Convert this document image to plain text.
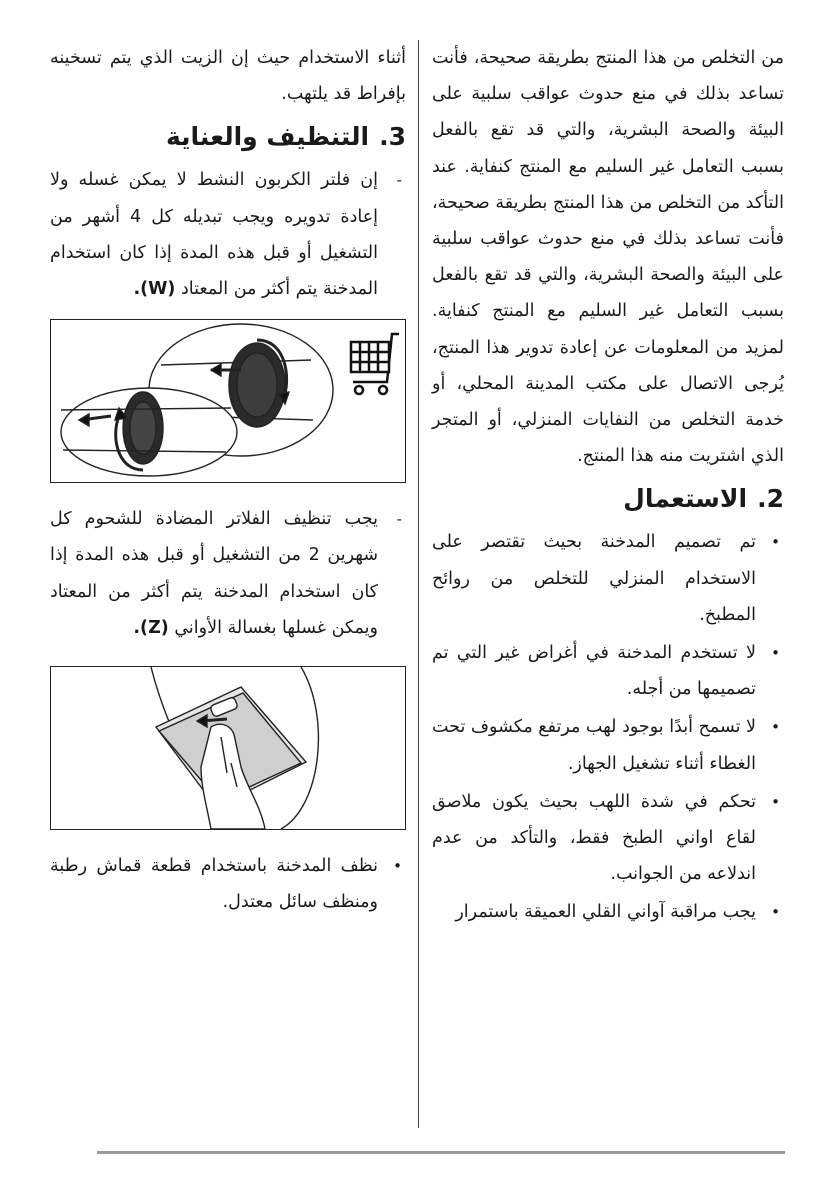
من التخلص من هذا المنتج بطريقة صحيحة، فأنت تساعد بذلك في منع حدوث عواقب سلبية على البيئة والصحة البشرية، والتي قد تقع بالفعل بسبب التعامل غير السليم مع المنتج كنفاية. عند التأكد من التخلص من هذا المنتج بطريقة صحيحة، فأنت تساعد بذلك في منع حدوث عواقب سلبية على البيئة والصحة البشرية، والتي قد تقع بالفعل بسبب التعامل غير السليم مع المنتج كنفاية. لمزيد من المعلومات عن إعادة تدوير هذا المنتج، يُرجى الاتصال على مكتب المدينة المحلي، أو خدمة التخلص من النفايات المنزلي، أو المتجر الذي اشتريت منه هذا المنتج.

2.الاستعمال
•
تم تصميم المدخنة بحيث تقتصر على الاستخدام المنزلي للتخلص من روائح المطبخ.
•
لا تستخدم المدخنة في أغراض غير التي تم تصميمها من أجله.
•
لا تسمح أبدًا بوجود لهب مرتفع مكشوف تحت الغطاء أثناء تشغيل الجهاز.
•
تحكم في شدة اللهب بحيث يكون ملاصق لقاع اواني الطبخ فقط، والتأكد من عدم اندلاعه من الجوانب.
•
يجب مراقبة آواني القلي العميقة باستمرار

أثناء الاستخدام حيث إن الزيت الذي يتم تسخينه بإفراط قد يلتهب.

3.التنظيف والعناية
-
إن فلتر الكربون النشط لا يمكن غسله ولا إعادة تدويره ويجب تبديله كل 4 أشهر من التشغيل أو قبل هذه المدة إذا كان استخدام المدخنة يتم أكثر من المعتاد (W).
-
يجب تنظيف الفلاتر المضادة للشحوم كل شهرين 2 من التشغيل أو قبل هذه المدة إذا كان استخدام المدخنة يتم أكثر من المعتاد ويمكن غسلها بغسالة الأواني (Z).
•
نظف المدخنة باستخدام قطعة قماش رطبة ومنظف سائل معتدل.
